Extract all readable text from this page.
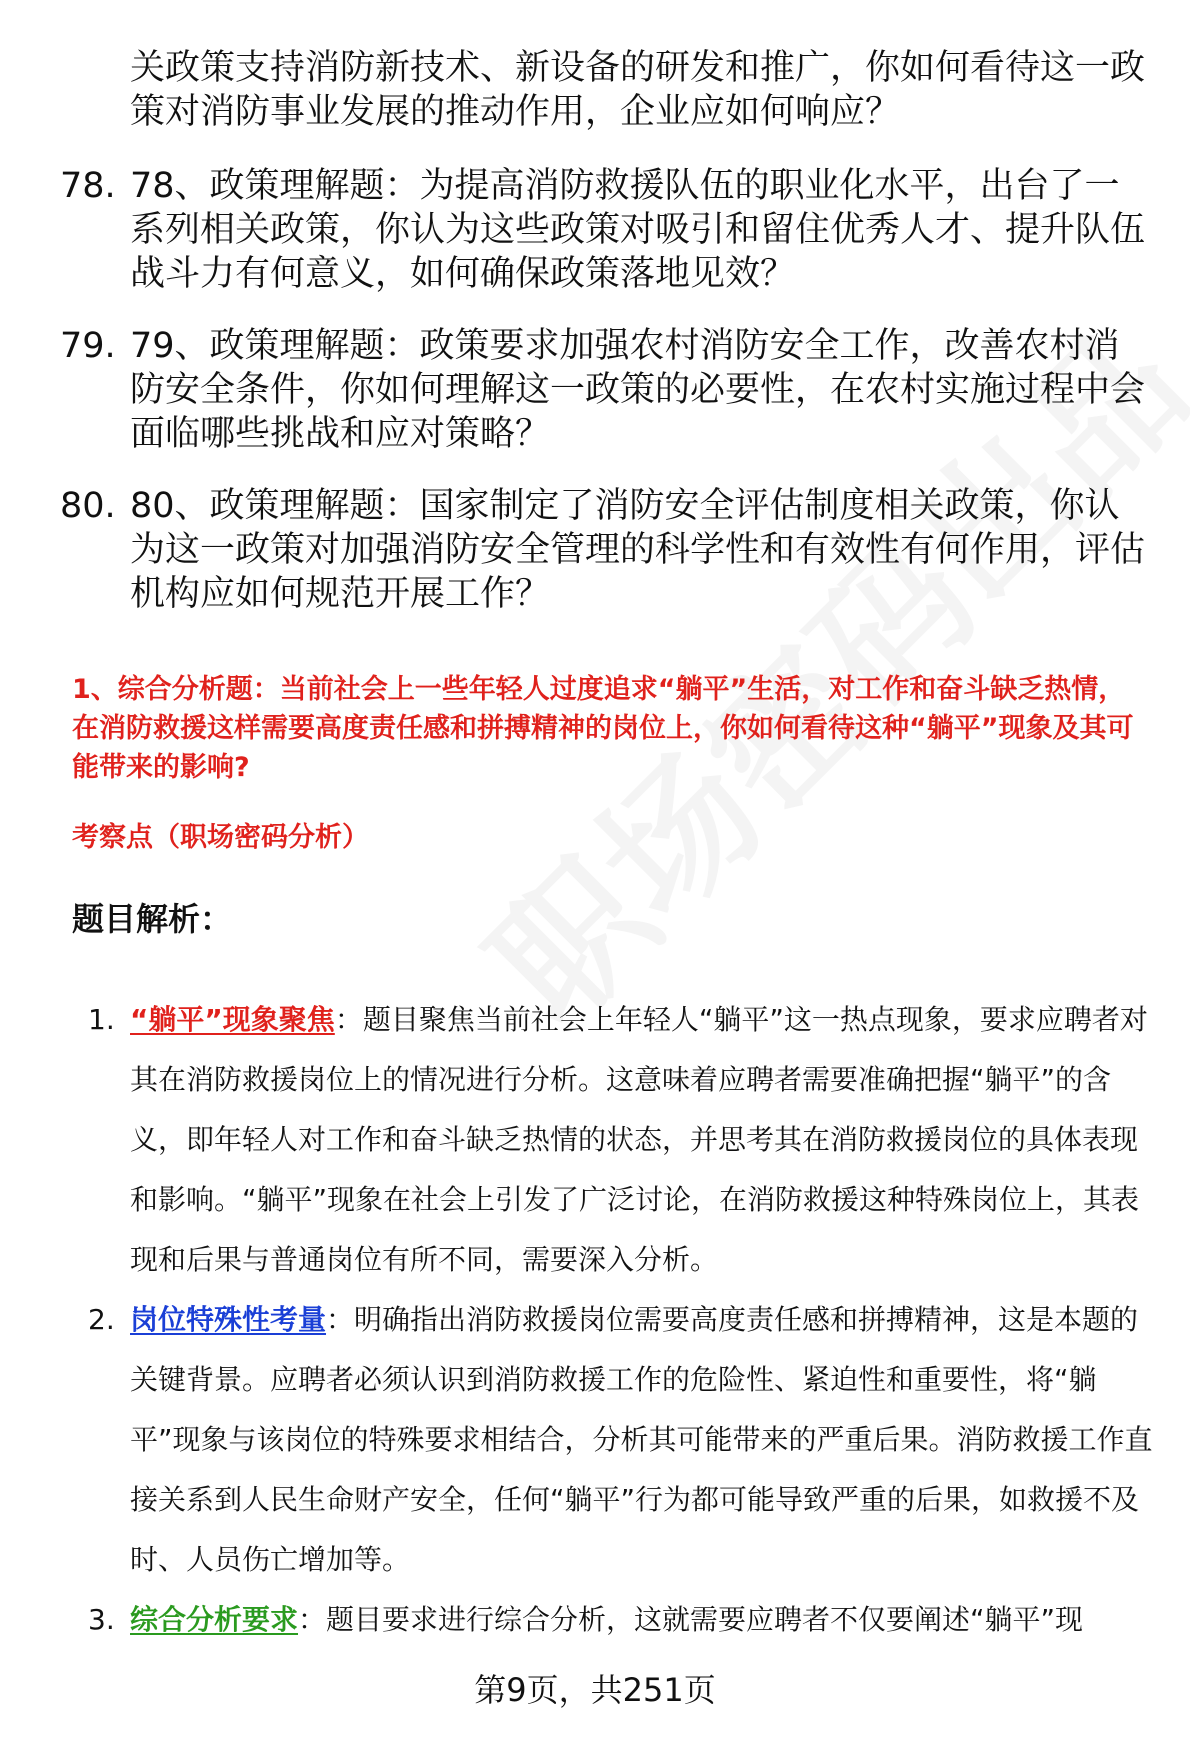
关政策支持消防新技术、新设备的研发和推广，你如何看待这一政策对消防事业发展的推动作用，企业应如何响应？
78. 78、政策理解题：为提高消防救援队伍的职业化水平，出台了一系列相关政策，你认为这些政策对吸引和留住优秀人才、提升队伍战斗力有何意义，如何确保政策落地见效？
79. 79、政策理解题：政策要求加强农村消防安全工作，改善农村消防安全条件，你如何理解这一政策的必要性，在农村实施过程中会面临哪些挑战和应对策略？
80. 80、政策理解题：国家制定了消防安全评估制度相关政策，你认为这一政策对加强消防安全管理的科学性和有效性有何作用，评估机构应如何规范开展工作？

1、综合分析题：当前社会上一些年轻人过度追求“躺平”生活，对工作和奋斗缺乏热情，在消防救援这样需要高度责任感和拼搏精神的岗位上，你如何看待这种“躺平”现象及其可能带来的影响?

考察点（职场密码分析）

题目解析：

1. “躺平”现象聚焦：题目聚焦当前社会上年轻人“躺平”这一热点现象，要求应聘者对其在消防救援岗位上的情况进行分析。这意味着应聘者需要准确把握“躺平”的含义，即年轻人对工作和奋斗缺乏热情的状态，并思考其在消防救援岗位的具体表现和影响。“躺平”现象在社会上引发了广泛讨论，在消防救援这种特殊岗位上，其表现和后果与普通岗位有所不同，需要深入分析。
2. 岗位特殊性考量：明确指出消防救援岗位需要高度责任感和拼搏精神，这是本题的关键背景。应聘者必须认识到消防救援工作的危险性、紧迫性和重要性，将“躺平”现象与该岗位的特殊要求相结合，分析其可能带来的严重后果。消防救援工作直接关系到人民生命财产安全，任何“躺平”行为都可能导致严重的后果，如救援不及时、人员伤亡增加等。
3. 综合分析要求：题目要求进行综合分析，这就需要应聘者不仅要阐述“躺平”现
第9页，共251页
